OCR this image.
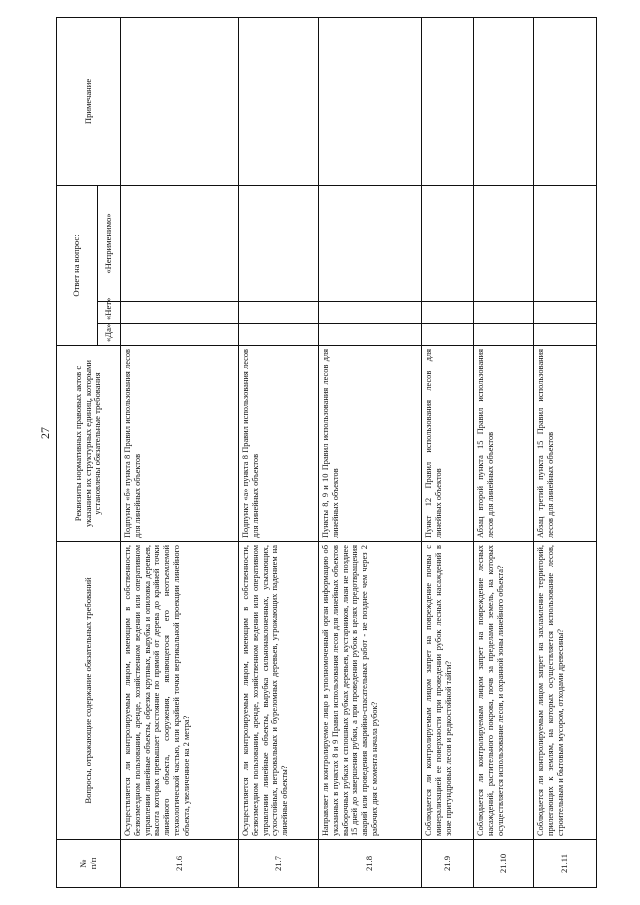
27
№
п/п	Вопросы, отражающие содержание обязательных требований	Реквизиты нормативных правовых актов с указанием их структурных единиц, которыми установлены обязательные требования	Ответ на вопрос:			Примечание
			«Да»	«Нет»	«Неприменимо»	
21.6	Осуществляется ли контролируемым лицом, имеющим в собственности, безвозмездном пользовании, аренде, хозяйственном ведении или оперативном управлении линейные объекты, обрезка крупных, вырубка и опиловка деревьев, высота которых превышает расстояние по прямой от дерева до крайней точки линейного объекта, сооружения, являющегося его неотъемлемой технологической частью, или крайней точки вертикальной проекции линейного объекта, увеличенное на 2 метра?	Подпункт «б» пункта 8 Правил использования лесов для линейных объектов				
21.7	Осуществляется ли контролируемым лицом, имеющим в собственности, безвозмездном пользовании, аренде, хозяйственном ведении или оперативном управлении линейные объекты, вырубка сильнонаклоненных, усыхающих, сухостойных, ветровальных и буреломных деревьев, угрожающих падением на линейные объекты?	Подпункт «а» пункта 8 Правил использования лесов для линейных объектов				
21.8	Направляет ли контролируемое лицо в уполномоченный орган информацию об указанных в пунктах 8 и 9 Правил использования лесов для линейных объектов выборочных рубках и сплошных рубках деревьев, кустарников, лиан не позднее 15 дней до завершения рубки, а при проведении рубок в целях предотвращения аварий или проведения аварийно-спасательных работ - не позднее чем через 2 рабочих дня с момента начала рубок?	Пункты 8, 9 и 10 Правил использования лесов для линейных объектов				
21.9	Соблюдается ли контролируемым лицом запрет на повреждение почвы с минерализацией ее поверхности при проведении рубок лесных насаждений в зоне притундровых лесов и редкостойной тайги?	Пункт 12 Правил использования лесов для линейных объектов				
21.10	Соблюдается ли контролируемым лицом запрет на повреждение лесных насаждений, растительного покрова, почв за пределами земель, на которых осуществляется использование лесов, и охранной зоны линейного объекта?	Абзац второй пункта 15 Правил использования лесов для линейных объектов				
21.11	Соблюдается ли контролируемым лицом запрет на захламление территорий, прилегающих к землям, на которых осуществляется использование лесов, строительным и бытовым мусором, отходами древесины?	Абзац третий пункта 15 Правил использования лесов для линейных объектов				
